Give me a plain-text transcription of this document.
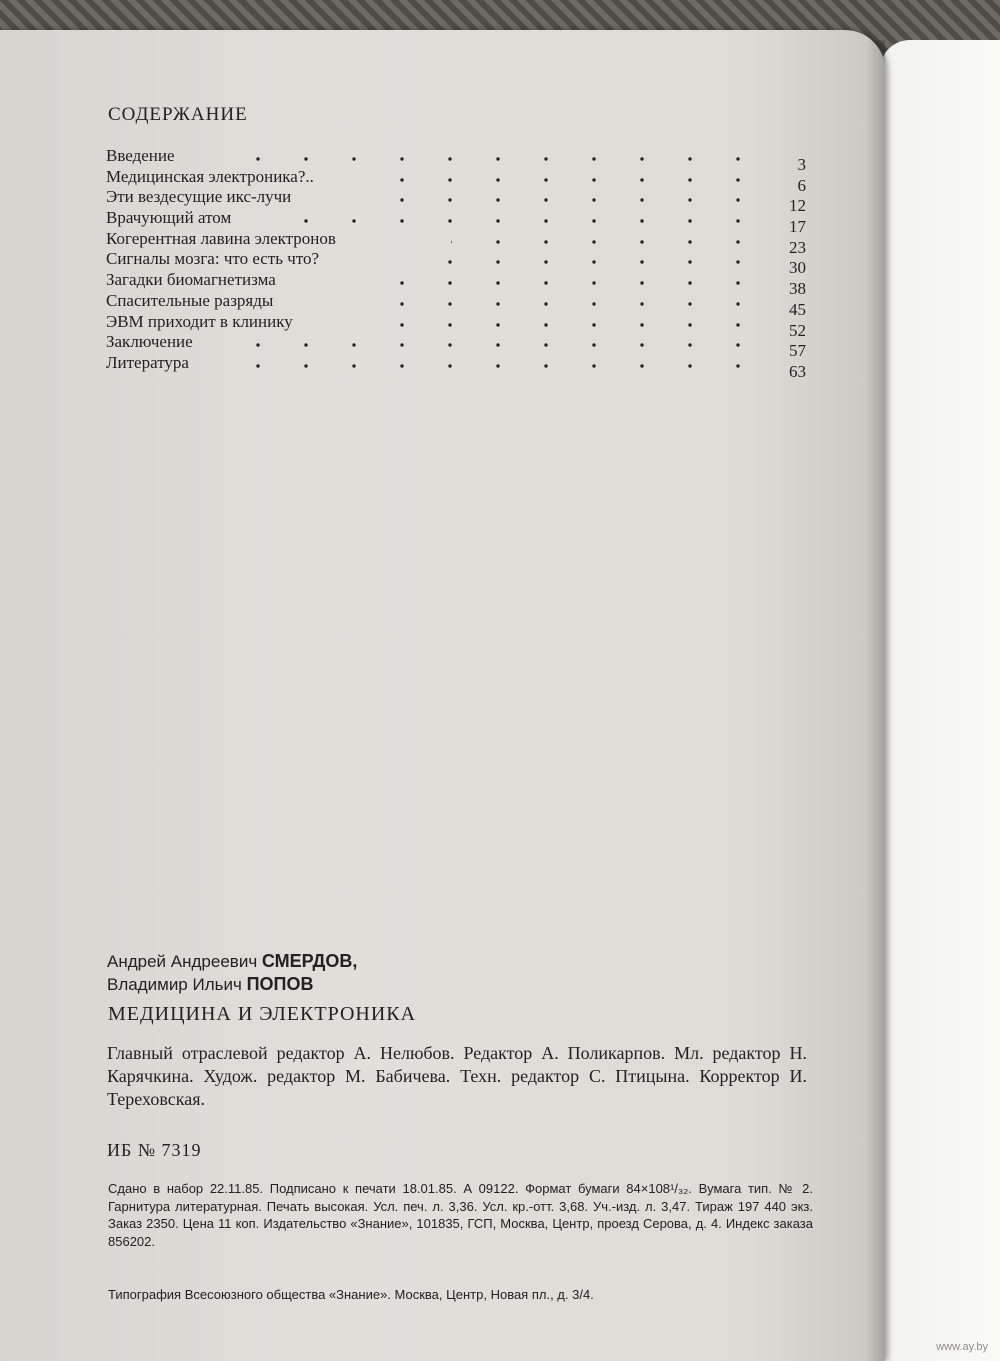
СОДЕРЖАНИЕ
Введение	3
Медицинская электроника?..	6
Эти вездесущие икс-лучи	12
Врачующий атом	17
Когерентная лавина электронов	23
Сигналы мозга: что есть что?	30
Загадки биомагнетизма	38
Спасительные разряды	45
ЭВМ приходит в клинику	52
Заключение	57
Литература	63
Андрей Андреевич СМЕРДОВ,
Владимир Ильич ПОПОВ
МЕДИЦИНА И ЭЛЕКТРОНИКА
Главный отраслевой редактор А. Нелюбов. Редактор А. Поликарпов. Мл. редактор Н. Карячкина. Худож. редактор М. Бабичева. Техн. редактор С. Птицына. Корректор И. Тереховская.
ИБ № 7319
Сдано в набор 22.11.85. Подписано к печати 18.01.85. А 09122. Формат бумаги 84×108¹/₃₂. Вумага тип. № 2. Гарнитура литературная. Печать высокая. Усл. печ. л. 3,36. Усл. кр.-отт. 3,68. Уч.-изд. л. 3,47. Тираж 197 440 экз. Заказ 2350. Цена 11 коп. Издательство «Знание», 101835, ГСП, Москва, Центр, проезд Серова, д. 4. Индекс заказа 856202.
Типография Всесоюзного общества «Знание». Москва, Центр, Новая пл., д. 3/4.
www.ay.by
